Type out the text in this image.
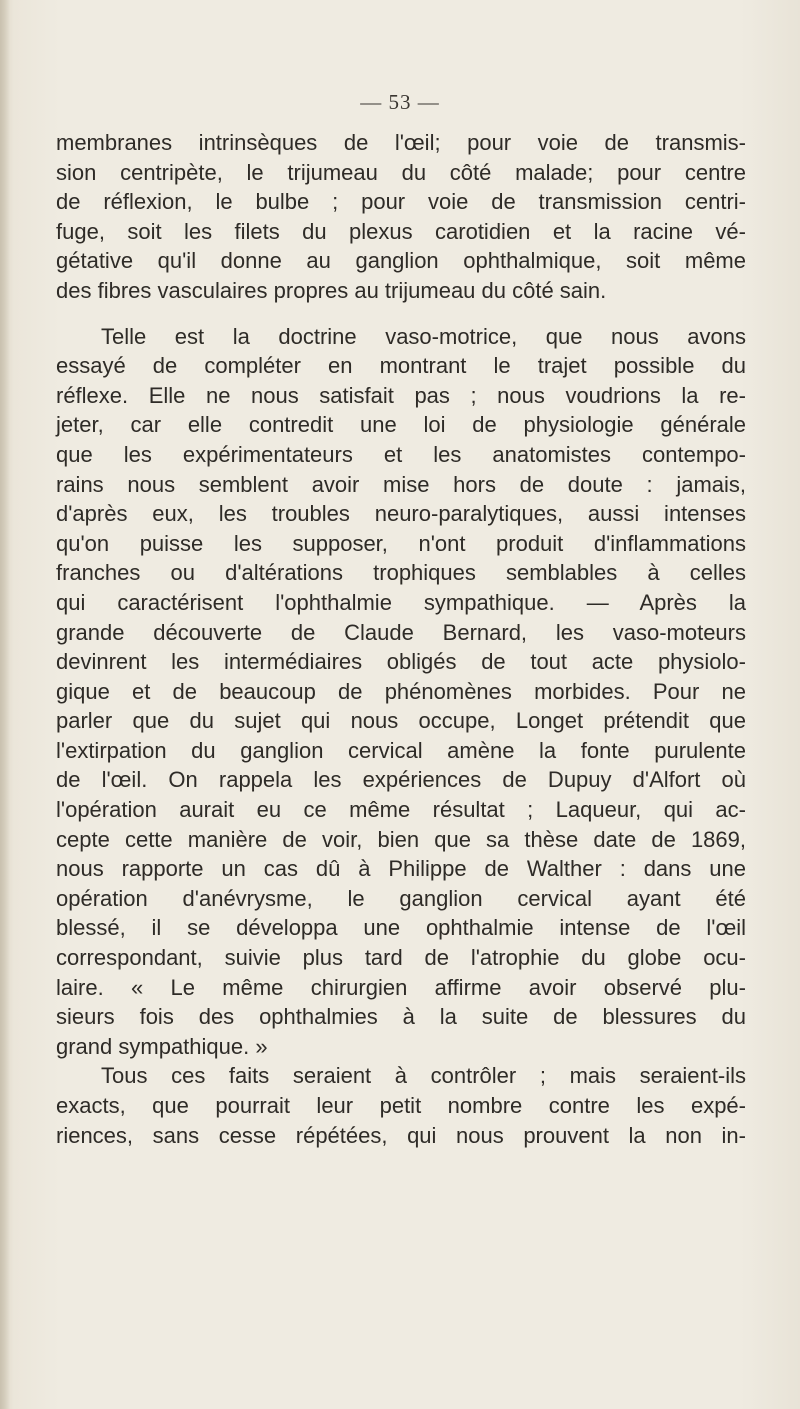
— 53 —
membranes intrinsèques de l'œil; pour voie de transmis-
sion centripète, le trijumeau du côté malade; pour centre
de réflexion, le bulbe ; pour voie de transmission centri-
fuge, soit les filets du plexus carotidien et la racine vé-
gétative qu'il donne au ganglion ophthalmique, soit même
des fibres vasculaires propres au trijumeau du côté sain.
Telle est la doctrine vaso-motrice, que nous avons
essayé de compléter en montrant le trajet possible du
réflexe. Elle ne nous satisfait pas ; nous voudrions la re-
jeter, car elle contredit une loi de physiologie générale
que les expérimentateurs et les anatomistes contempo-
rains nous semblent avoir mise hors de doute : jamais,
d'après eux, les troubles neuro-paralytiques, aussi intenses
qu'on puisse les supposer, n'ont produit d'inflammations
franches ou d'altérations trophiques semblables à celles
qui caractérisent l'ophthalmie sympathique. — Après la
grande découverte de Claude Bernard, les vaso-moteurs
devinrent les intermédiaires obligés de tout acte physiolo-
gique et de beaucoup de phénomènes morbides. Pour ne
parler que du sujet qui nous occupe, Longet prétendit que
l'extirpation du ganglion cervical amène la fonte purulente
de l'œil. On rappela les expériences de Dupuy d'Alfort où
l'opération aurait eu ce même résultat ; Laqueur, qui ac-
cepte cette manière de voir, bien que sa thèse date de 1869,
nous rapporte un cas dû à Philippe de Walther : dans une
opération d'anévrysme, le ganglion cervical ayant été
blessé, il se développa une ophthalmie intense de l'œil
correspondant, suivie plus tard de l'atrophie du globe ocu-
laire. « Le même chirurgien affirme avoir observé plu-
sieurs fois des ophthalmies à la suite de blessures du
grand sympathique. »
Tous ces faits seraient à contrôler ; mais seraient-ils
exacts, que pourrait leur petit nombre contre les expé-
riences, sans cesse répétées, qui nous prouvent la non in-
